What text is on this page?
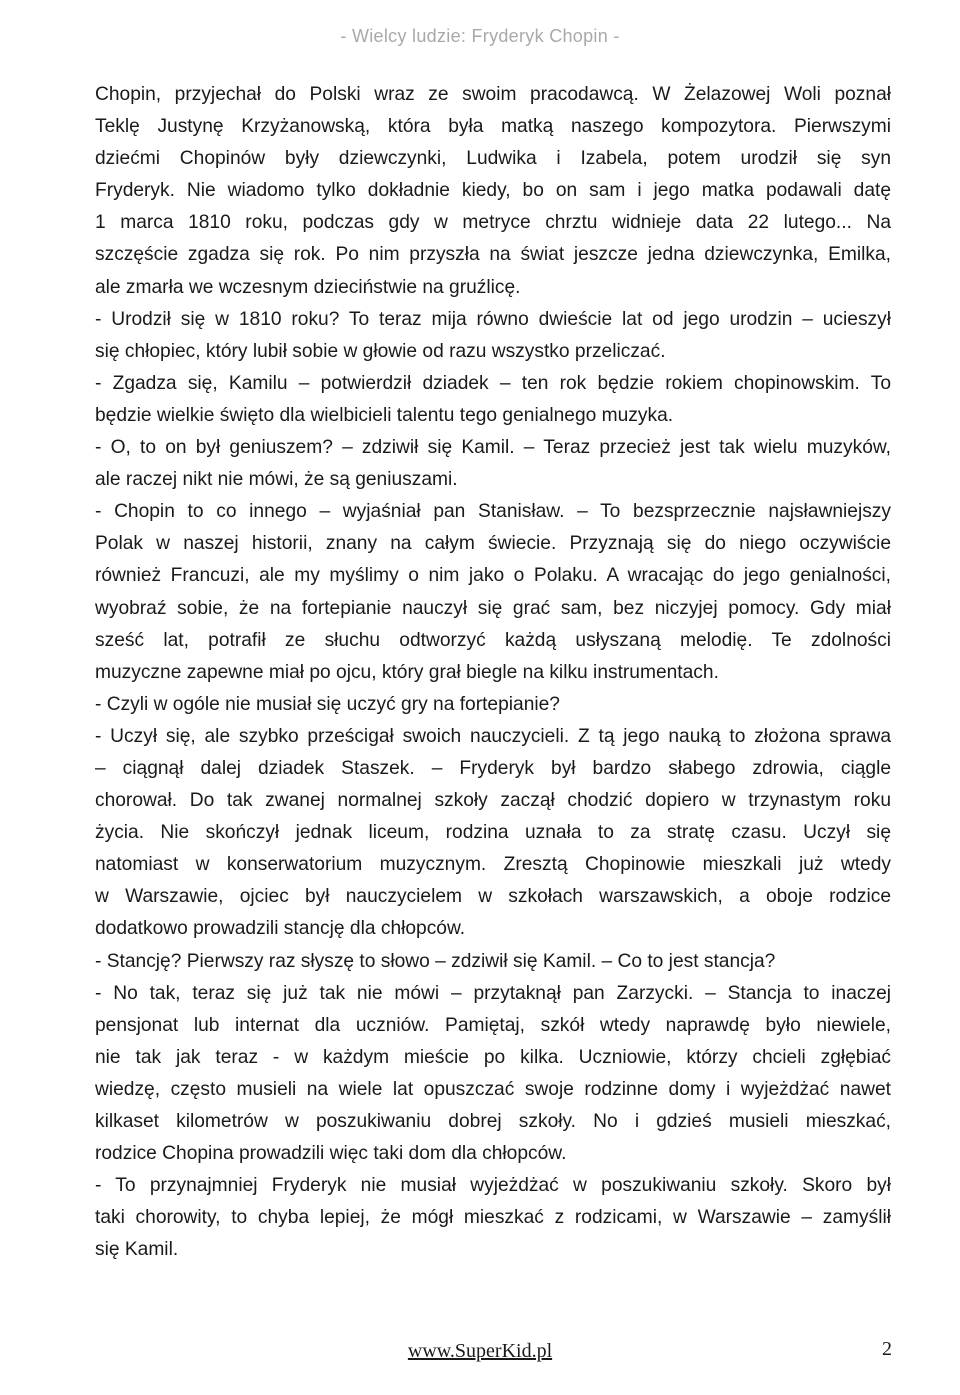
- Wielcy ludzie: Fryderyk Chopin -
Chopin, przyjechał do Polski wraz ze swoim pracodawcą. W Żelazowej Woli poznał
Teklę Justynę Krzyżanowską, która była matką naszego kompozytora. Pierwszymi
dziećmi Chopinów były dziewczynki, Ludwika i Izabela, potem urodził się syn
Fryderyk. Nie wiadomo tylko dokładnie kiedy, bo on sam i jego matka podawali datę
1 marca 1810 roku, podczas gdy w metryce chrztu widnieje data 22 lutego... Na
szczęście zgadza się rok. Po nim przyszła na świat jeszcze jedna dziewczynka, Emilka,
ale zmarła we wczesnym dzieciństwie na gruźlicę.
- Urodził się w 1810 roku? To teraz mija równo dwieście lat od jego urodzin – ucieszył
się chłopiec, który lubił sobie w głowie od razu wszystko przeliczać.
- Zgadza się, Kamilu – potwierdził dziadek – ten rok będzie rokiem chopinowskim. To
będzie wielkie święto dla wielbicieli talentu tego genialnego muzyka.
- O, to on był geniuszem? – zdziwił się Kamil. – Teraz przecież jest tak wielu muzyków,
ale raczej nikt nie mówi, że są geniuszami.
- Chopin to co innego – wyjaśniał pan Stanisław. – To bezsprzecznie najsławniejszy
Polak w naszej historii, znany na całym świecie. Przyznają się do niego oczywiście
również Francuzi, ale my myślimy o nim jako o Polaku. A wracając do jego genialności,
wyobraź sobie, że na fortepianie nauczył się grać sam, bez niczyjej pomocy. Gdy miał
sześć lat, potrafił ze słuchu odtworzyć każdą usłyszaną melodię. Te zdolności
muzyczne zapewne miał po ojcu, który grał biegle na kilku instrumentach.
- Czyli w ogóle nie musiał się uczyć gry na fortepianie?
- Uczył się, ale szybko prześcigał swoich nauczycieli. Z tą jego nauką to złożona sprawa
– ciągnął dalej dziadek Staszek. – Fryderyk był bardzo słabego zdrowia, ciągle
chorował. Do tak zwanej normalnej szkoły zaczął chodzić dopiero w trzynastym roku
życia. Nie skończył jednak liceum, rodzina uznała to za stratę czasu. Uczył się
natomiast w konserwatorium muzycznym. Zresztą Chopinowie mieszkali już wtedy
w Warszawie, ojciec był nauczycielem w szkołach warszawskich, a oboje rodzice
dodatkowo prowadzili stancję dla chłopców.
- Stancję? Pierwszy raz słyszę to słowo – zdziwił się Kamil. – Co to jest stancja?
- No tak, teraz się już tak nie mówi – przytaknął pan Zarzycki. – Stancja to inaczej
pensjonat lub internat dla uczniów. Pamiętaj, szkół wtedy naprawdę było niewiele,
nie tak jak teraz - w każdym mieście po kilka. Uczniowie, którzy chcieli zgłębiać
wiedzę, często musieli na wiele lat opuszczać swoje rodzinne domy i wyjeżdżać nawet
kilkaset kilometrów w poszukiwaniu dobrej szkoły. No i gdzieś musieli mieszkać,
rodzice Chopina prowadzili więc taki dom dla chłopców.
- To przynajmniej Fryderyk nie musiał wyjeżdżać w poszukiwaniu szkoły. Skoro był
taki chorowity, to chyba lepiej, że mógł mieszkać z rodzicami, w Warszawie – zamyślił
się Kamil.
www.SuperKid.pl	2
